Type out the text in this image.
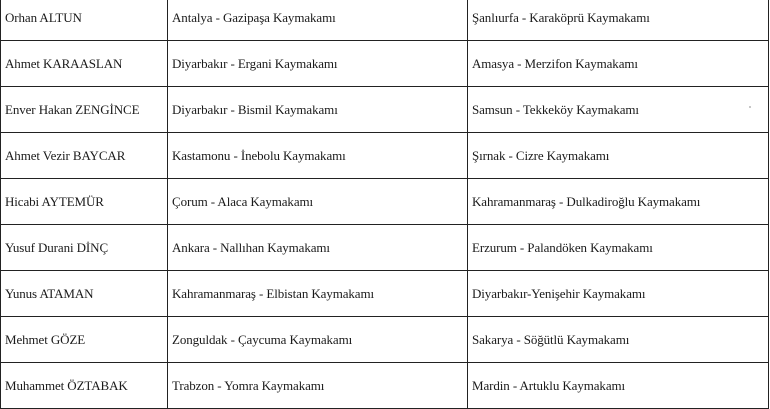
Orhan ALTUN	Antalya - Gazipaşa Kaymakamı	Şanlıurfa - Karaköprü Kaymakamı
Ahmet KARAASLAN	Diyarbakır - Ergani Kaymakamı	Amasya - Merzifon Kaymakamı
Enver Hakan ZENGİNCE	Diyarbakır - Bismil Kaymakamı	Samsun - Tekkeköy Kaymakamı
Ahmet Vezir BAYCAR	Kastamonu - İnebolu Kaymakamı	Şırnak - Cizre Kaymakamı
Hicabi AYTEMÜR	Çorum - Alaca Kaymakamı	Kahramanmaraş - Dulkadiroğlu Kaymakamı
Yusuf Durani DİNÇ	Ankara - Nallıhan Kaymakamı	Erzurum - Palandöken Kaymakamı
Yunus ATAMAN	Kahramanmaraş - Elbistan Kaymakamı	Diyarbakır-Yenişehir Kaymakamı
Mehmet GÖZE	Zonguldak - Çaycuma Kaymakamı	Sakarya - Söğütlü Kaymakamı
Muhammet ÖZTABAK	Trabzon - Yomra Kaymakamı	Mardin - Artuklu Kaymakamı
